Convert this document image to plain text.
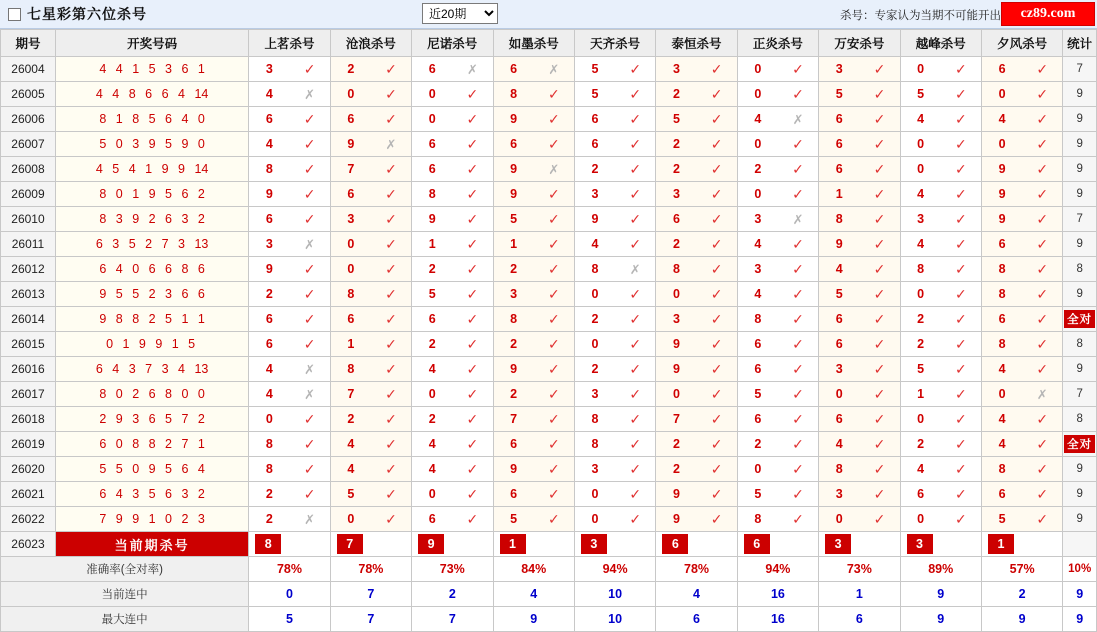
七星彩第六位杀号
近20期	杀号：专家认为当期不可能开出	cz89.com
期号	开奖号码	上茗杀号	沧浪杀号	尼诺杀号	如墨杀号	天齐杀号	泰恒杀号	正炎杀号	万安杀号	越峰杀号	夕风杀号	统计
26004	4 4 1 5 3 6 1	3 ✓	2 ✓	6 ✗	6 ✗	5 ✓	3 ✓	0 ✓	3 ✓	0 ✓	6 ✓	7
26005	4 4 8 6 6 4 14	4 ✗	0 ✓	0 ✓	8 ✓	5 ✓	2 ✓	0 ✓	5 ✓	5 ✓	0 ✓	9
26006	8 1 8 5 6 4 0	6 ✓	6 ✓	0 ✓	9 ✓	6 ✓	5 ✓	4 ✗	6 ✓	4 ✓	4 ✓	9
26007	5 0 3 9 5 9 0	4 ✓	9 ✗	6 ✓	6 ✓	6 ✓	2 ✓	0 ✓	6 ✓	0 ✓	0 ✓	9
26008	4 5 4 1 9 9 14	8 ✓	7 ✓	6 ✓	9 ✗	2 ✓	2 ✓	2 ✓	6 ✓	0 ✓	9 ✓	9
26009	8 0 1 9 5 6 2	9 ✓	6 ✓	8 ✓	9 ✓	3 ✓	3 ✓	0 ✓	1 ✓	4 ✓	9 ✓	9
26010	8 3 9 2 6 3 2	6 ✓	3 ✓	9 ✓	5 ✓	9 ✓	6 ✓	3 ✗	8 ✓	3 ✓	9 ✓	7
26011	6 3 5 2 7 3 13	3 ✗	0 ✓	1 ✓	1 ✓	4 ✓	2 ✓	4 ✓	9 ✓	4 ✓	6 ✓	9
26012	6 4 0 6 6 8 6	9 ✓	0 ✓	2 ✓	2 ✓	8 ✗	8 ✓	3 ✓	4 ✓	8 ✓	8 ✓	8
26013	9 5 5 2 3 6 6	2 ✓	8 ✓	5 ✓	3 ✓	0 ✓	0 ✓	4 ✓	5 ✓	0 ✓	8 ✓	9
26014	9 8 8 2 5 1 1	6 ✓	6 ✓	6 ✓	8 ✓	2 ✓	3 ✓	8 ✓	6 ✓	2 ✓	6 ✓	全对
26015	0 1 9 9 1 5	6 ✓	1 ✓	2 ✓	2 ✓	0 ✓	9 ✓	6 ✓	6 ✓	2 ✓	8 ✓	8
26016	6 4 3 7 3 4 13	4 ✗	8 ✓	4 ✓	9 ✓	2 ✓	9 ✓	6 ✓	3 ✓	5 ✓	4 ✓	9
26017	8 0 2 6 8 0 0	4 ✗	7 ✓	0 ✓	2 ✓	3 ✓	0 ✓	5 ✓	0 ✓	1 ✓	0 ✗	7
26018	2 9 3 6 5 7 2	0 ✓	2 ✓	2 ✓	7 ✓	8 ✓	7 ✓	6 ✓	6 ✓	0 ✓	4 ✓	8
26019	6 0 8 8 2 7 1	8 ✓	4 ✓	4 ✓	6 ✓	8 ✓	2 ✓	2 ✓	4 ✓	2 ✓	4 ✓	全对
26020	5 5 0 9 5 6 4	8 ✓	4 ✓	4 ✓	9 ✓	3 ✓	2 ✓	0 ✓	8 ✓	4 ✓	8 ✓	9
26021	6 4 3 5 6 3 2	2 ✓	5 ✓	0 ✓	6 ✓	0 ✓	9 ✓	5 ✓	3 ✓	6 ✓	6 ✓	9
26022	7 9 9 1 0 2 3	2 ✗	0 ✓	6 ✓	5 ✓	0 ✓	9 ✓	8 ✓	0 ✓	0 ✓	5 ✓	9
26023	当前期杀号	8	7	9	1	3	6	6	3	3	1	

准确率(全对率)		78%	78%	73%	84%	94%	78%	94%	73%	89%	57%	10%
当前连中		0	7	2	4	10	4	16	1	9	2	9
最大连中		5	7	7	9	10	6	16	6	9	9	9
